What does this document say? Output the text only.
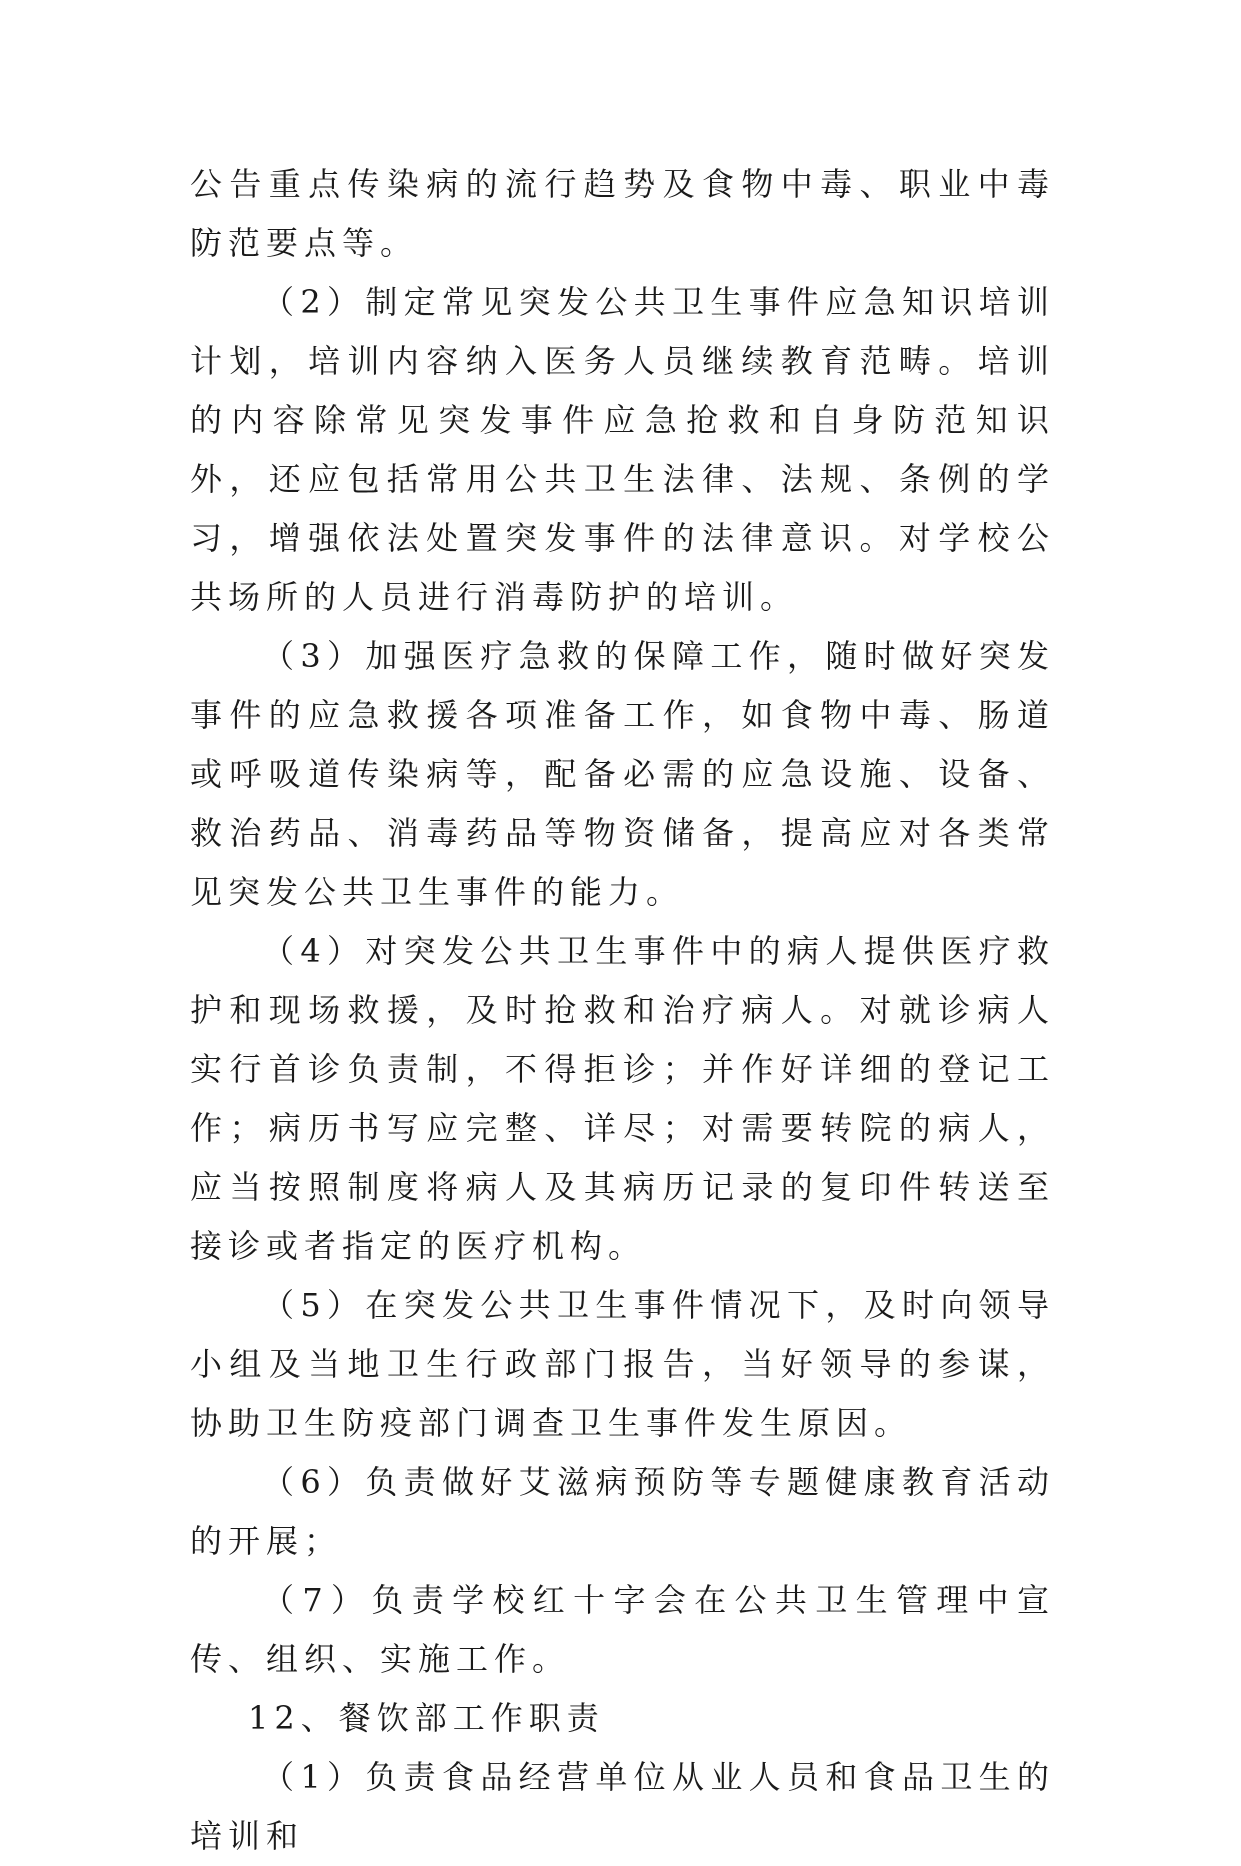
公告重点传染病的流行趋势及食物中毒、职业中毒防范要点等。

（2）制定常见突发公共卫生事件应急知识培训计划，培训内容纳入医务人员继续教育范畴。培训的内容除常见突发事件应急抢救和自身防范知识外，还应包括常用公共卫生法律、法规、条例的学习，增强依法处置突发事件的法律意识。对学校公共场所的人员进行消毒防护的培训。

（3）加强医疗急救的保障工作，随时做好突发事件的应急救援各项准备工作，如食物中毒、肠道或呼吸道传染病等，配备必需的应急设施、设备、救治药品、消毒药品等物资储备，提高应对各类常见突发公共卫生事件的能力。

（4）对突发公共卫生事件中的病人提供医疗救护和现场救援，及时抢救和治疗病人。对就诊病人实行首诊负责制，不得拒诊；并作好详细的登记工作；病历书写应完整、详尽；对需要转院的病人，应当按照制度将病人及其病历记录的复印件转送至接诊或者指定的医疗机构。

（5）在突发公共卫生事件情况下，及时向领导小组及当地卫生行政部门报告，当好领导的参谋，协助卫生防疫部门调查卫生事件发生原因。

（6）负责做好艾滋病预防等专题健康教育活动的开展；

（7）负责学校红十字会在公共卫生管理中宣传、组织、实施工作。

12、餐饮部工作职责

（1）负责食品经营单位从业人员和食品卫生的培训和
